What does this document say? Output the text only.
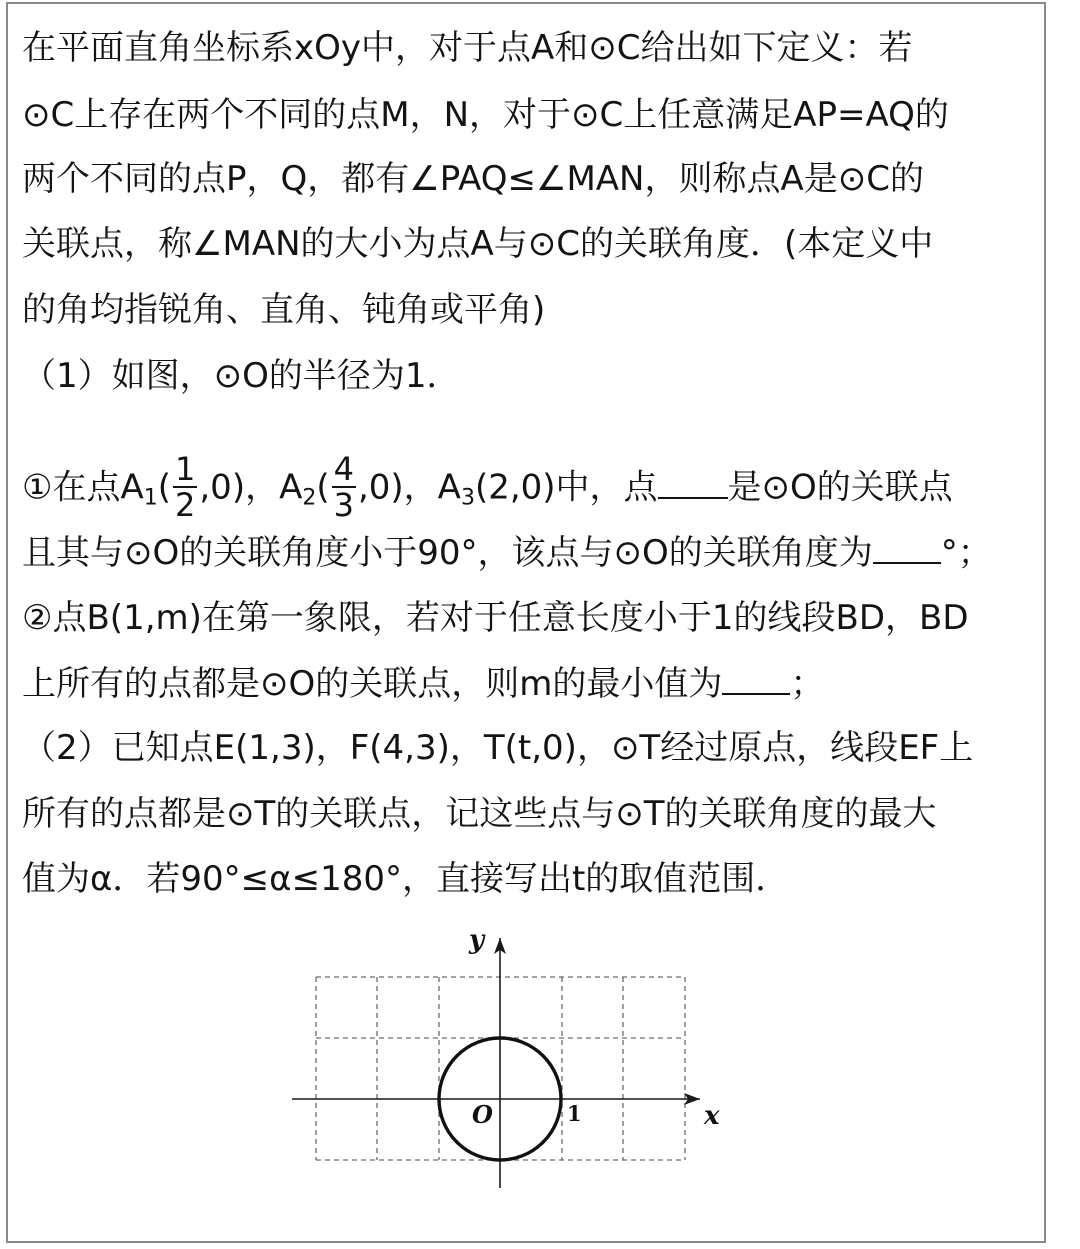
在平面直角坐标系xOy中，对于点A和⊙C给出如下定义：若
⊙C上存在两个不同的点M，N，对于⊙C上任意满足AP=AQ的
两个不同的点P，Q，都有∠PAQ≤∠MAN，则称点A是⊙C的
关联点，称∠MAN的大小为点A与⊙C的关联角度．(本定义中
的角均指锐角、直角、钝角或平角)
（1）如图，⊙O的半径为1．
①在点$A_1( \frac{1}{2} ,0)$，$A_2( \frac{4}{3} ,0)$，$A_3(2,0)$中，点 是⊙O的关联点
且其与⊙O的关联角度小于90°，该点与⊙O的关联角度为 °；
②点B(1,m)在第一象限，若对于任意长度小于1的线段BD，BD
上所有的点都是⊙O的关联点，则m的最小值为 ；
（2）已知点E(1,3)，F(4,3)，T(t,0)，⊙T经过原点，线段EF上
所有的点都是⊙T的关联点，记这些点与⊙T的关联角度的最大
值为α．若90°≤α≤180°，直接写出t的取值范围．
y
x
O	1
